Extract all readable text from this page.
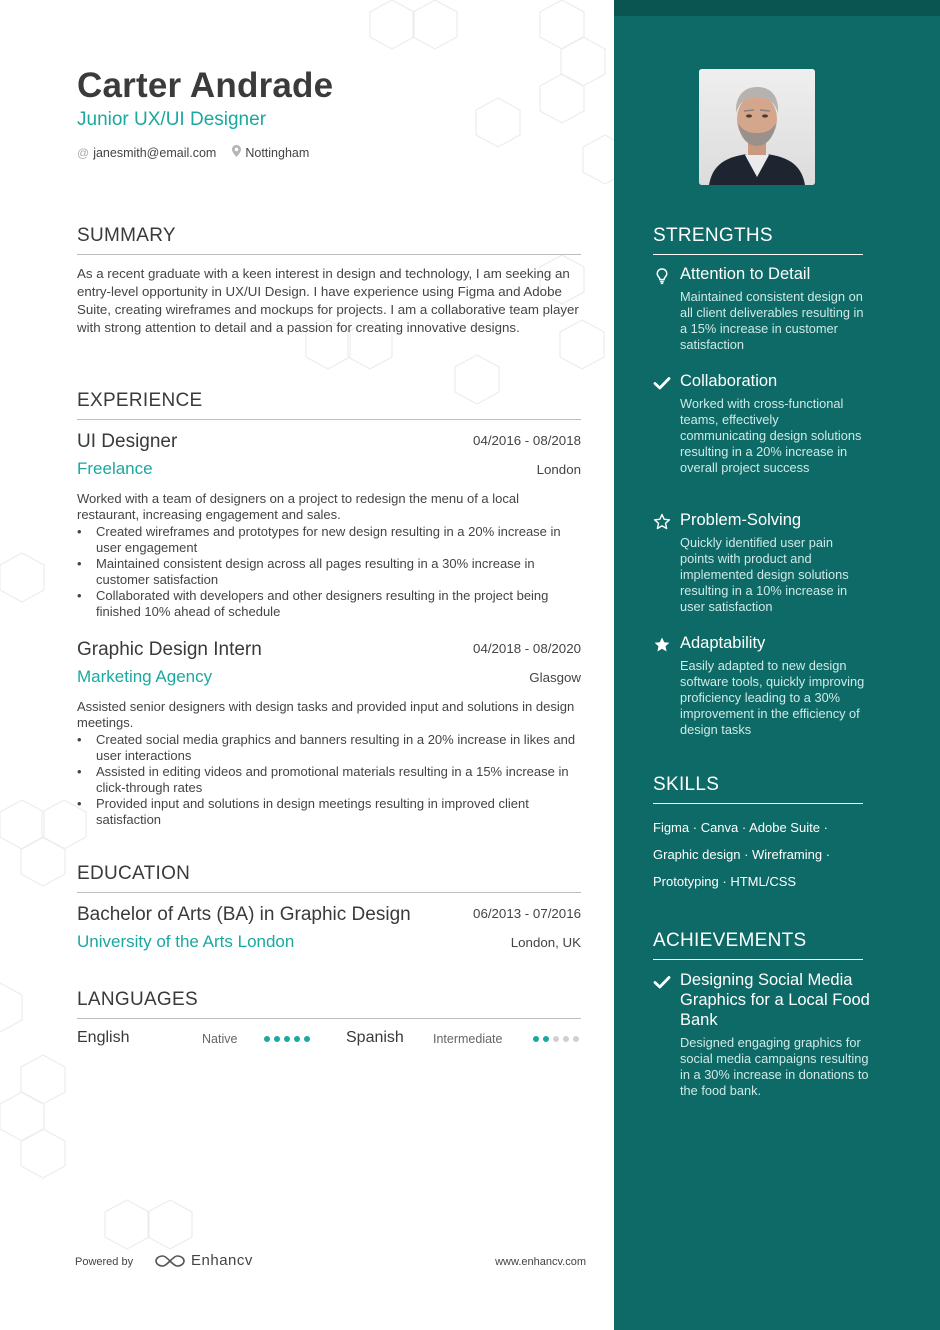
Carter Andrade
Junior UX/UI Designer
@ janesmith@email.com Nottingham
SUMMARY
As a recent graduate with a keen interest in design and technology, I am seeking an entry-level opportunity in UX/UI Design. I have experience using Figma and Adobe Suite, creating wireframes and mockups for projects. I am a collaborative team player with strong attention to detail and a passion for creating innovative designs.
EXPERIENCE
UI Designer	04/2016 - 08/2018
Freelance	London
Worked with a team of designers on a project to redesign the menu of a local restaurant, increasing engagement and sales.
• Created wireframes and prototypes for new design resulting in a 20% increase in user engagement
• Maintained consistent design across all pages resulting in a 30% increase in customer satisfaction
• Collaborated with developers and other designers resulting in the project being finished 10% ahead of schedule
Graphic Design Intern	04/2018 - 08/2020
Marketing Agency	Glasgow
Assisted senior designers with design tasks and provided input and solutions in design meetings.
• Created social media graphics and banners resulting in a 20% increase in likes and user interactions
• Assisted in editing videos and promotional materials resulting in a 15% increase in click-through rates
• Provided input and solutions in design meetings resulting in improved client satisfaction
EDUCATION
Bachelor of Arts (BA) in Graphic Design	06/2013 - 07/2016
University of the Arts London	London, UK
LANGUAGES
English	Native	Spanish Intermediate
Powered by	Enhancv	www.enhancv.com
STRENGTHS
Attention to Detail
Maintained consistent design on all client deliverables resulting in a 15% increase in customer satisfaction
Collaboration
Worked with cross-functional teams, effectively communicating design solutions resulting in a 20% increase in overall project success
Problem-Solving
Quickly identified user pain points with product and implemented design solutions resulting in a 10% increase in user satisfaction
Adaptability
Easily adapted to new design software tools, quickly improving proficiency leading to a 30% improvement in the efficiency of design tasks
SKILLS
Figma · Canva · Adobe Suite ·
Graphic design · Wireframing ·
Prototyping · HTML/CSS
ACHIEVEMENTS
Designing Social Media Graphics for a Local Food Bank
Designed engaging graphics for social media campaigns resulting in a 30% increase in donations to the food bank.
